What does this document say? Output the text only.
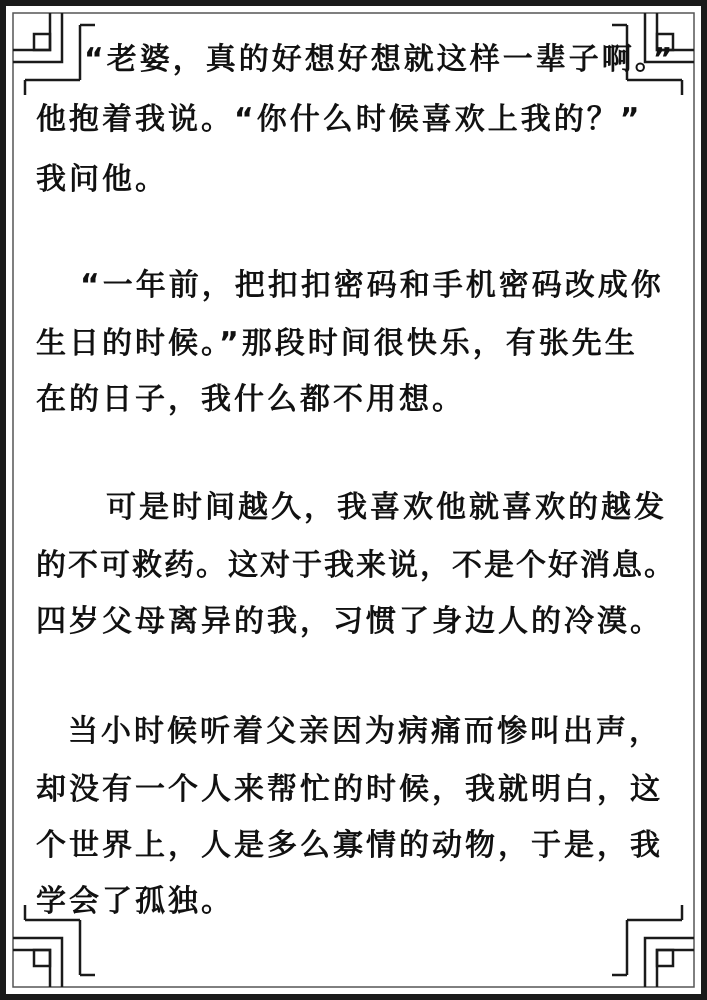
“老婆，真的好想好想就这样一辈子啊。”
他抱着我说。“你什么时候喜欢上我的？”
我问他。
“一年前，把扣扣密码和手机密码改成你
生日的时候。”那段时间很快乐，有张先生
在的日子，我什么都不用想。
可是时间越久，我喜欢他就喜欢的越发
的不可救药。这对于我来说，不是个好消息。
四岁父母离异的我，习惯了身边人的冷漠。
当小时候听着父亲因为病痛而惨叫出声，
却没有一个人来帮忙的时候，我就明白，这
个世界上，人是多么寡情的动物，于是，我
学会了孤独。
